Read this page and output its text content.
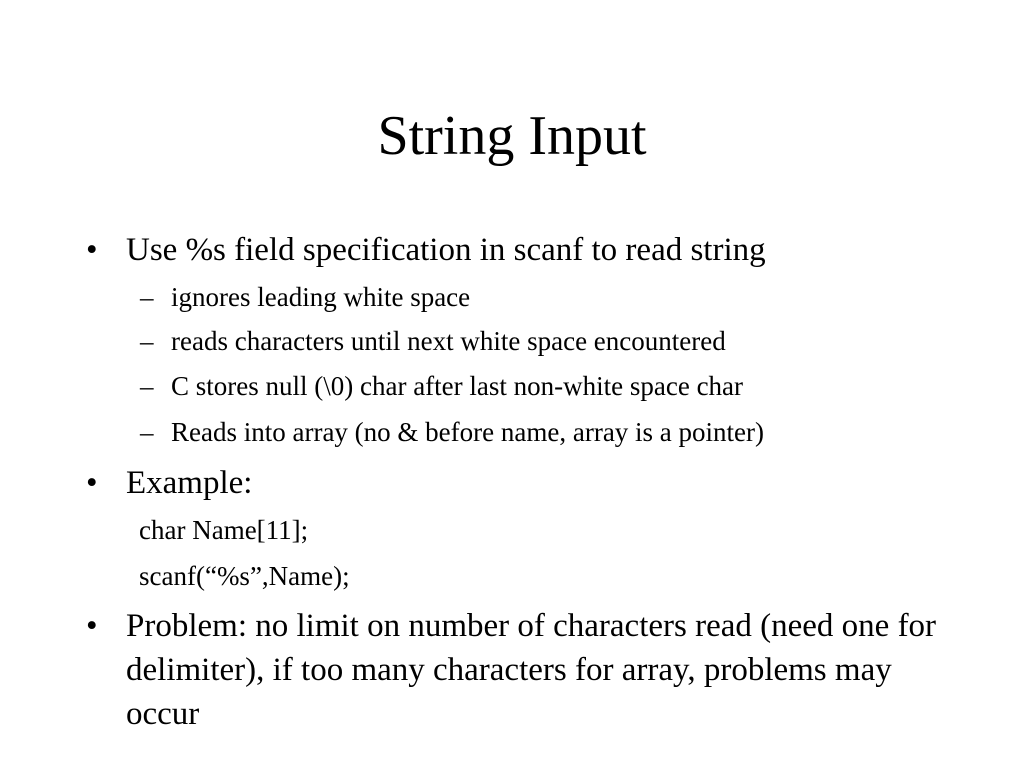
String Input
• Use %s field specification in scanf to read string
– ignores leading white space
– reads characters until next white space encountered
– C stores null (\0) char after last non-white space char
– Reads into array (no & before name, array is a pointer)
• Example:
char Name[11];
scanf(“%s”,Name);
• Problem: no limit on number of characters read (need one for delimiter), if too many characters for array, problems may occur
